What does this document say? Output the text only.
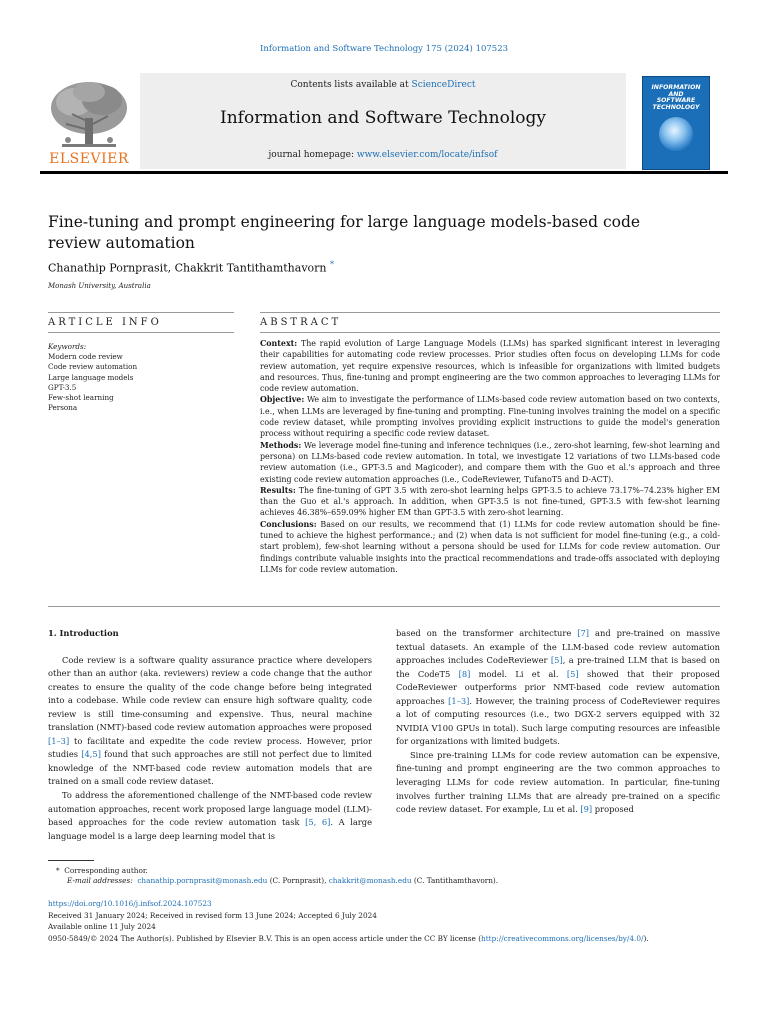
Information and Software Technology 175 (2024) 107523
Contents lists available at ScienceDirect
Information and Software Technology
journal homepage: www.elsevier.com/locate/infsof
ELSEVIER
INFORMATION
AND
SOFTWARE
TECHNOLOGY
Fine-tuning and prompt engineering for large language models-based code review automation
Chanathip Pornprasit, Chakkrit Tantithamthavorn *
Monash University, Australia
ARTICLE INFO	ABSTRACT
Keywords:
Modern code review
Code review automation
Large language models
GPT-3.5
Few-shot learning
Persona

Context: The rapid evolution of Large Language Models (LLMs) has sparked significant interest in leveraging their capabilities for automating code review processes. Prior studies often focus on developing LLMs for code review automation, yet require expensive resources, which is infeasible for organizations with limited budgets and resources. Thus, fine-tuning and prompt engineering are the two common approaches to leveraging LLMs for code review automation.

Objective: We aim to investigate the performance of LLMs-based code review automation based on two contexts, i.e., when LLMs are leveraged by fine-tuning and prompting. Fine-tuning involves training the model on a specific code review dataset, while prompting involves providing explicit instructions to guide the model's generation process without requiring a specific code review dataset.

Methods: We leverage model fine-tuning and inference techniques (i.e., zero-shot learning, few-shot learning and persona) on LLMs-based code review automation. In total, we investigate 12 variations of two LLMs-based code review automation (i.e., GPT-3.5 and Magicoder), and compare them with the Guo et al.'s approach and three existing code review automation approaches (i.e., CodeReviewer, TufanoT5 and D-ACT).

Results: The fine-tuning of GPT 3.5 with zero-shot learning helps GPT-3.5 to achieve 73.17%–74.23% higher EM than the Guo et al.'s approach. In addition, when GPT-3.5 is not fine-tuned, GPT-3.5 with few-shot learning achieves 46.38%–659.09% higher EM than GPT-3.5 with zero-shot learning.

Conclusions: Based on our results, we recommend that (1) LLMs for code review automation should be fine-tuned to achieve the highest performance.; and (2) when data is not sufficient for model fine-tuning (e.g., a cold-start problem), few-shot learning without a persona should be used for LLMs for code review automation. Our findings contribute valuable insights into the practical recommendations and trade-offs associated with deploying LLMs for code review automation.

1. Introduction

Code review is a software quality assurance practice where developers other than an author (aka. reviewers) review a code change that the author creates to ensure the quality of the code change before being integrated into a codebase. While code review can ensure high software quality, code review is still time-consuming and expensive. Thus, neural machine translation (NMT)-based code review automation approaches were proposed [1–3] to facilitate and expedite the code review process. However, prior studies [4,5] found that such approaches are still not perfect due to limited knowledge of the NMT-based code review automation models that are trained on a small code review dataset.

To address the aforementioned challenge of the NMT-based code review automation approaches, recent work proposed large language model (LLM)-based approaches for the code review automation task [5, 6]. A large language model is a large deep learning model that is

based on the transformer architecture [7] and pre-trained on massive textual datasets. An example of the LLM-based code review automation approaches includes CodeReviewer [5], a pre-trained LLM that is based on the CodeT5 [8] model. Li et al. [5] showed that their proposed CodeReviewer outperforms prior NMT-based code review automation approaches [1–3]. However, the training process of CodeReviewer requires a lot of computing resources (i.e., two DGX-2 servers equipped with 32 NVIDIA V100 GPUs in total). Such large computing resources are infeasible for organizations with limited budgets.

Since pre-training LLMs for code review automation can be expensive, fine-tuning and prompt engineering are the two common approaches to leveraging LLMs for code review automation. In particular, fine-tuning involves further training LLMs that are already pre-trained on a specific code review dataset. For example, Lu et al. [9] proposed

* Corresponding author.
E-mail addresses: chanathip.pornprasit@monash.edu (C. Pornprasit), chakkrit@monash.edu (C. Tantithamthavorn).
https://doi.org/10.1016/j.infsof.2024.107523
Received 31 January 2024; Received in revised form 13 June 2024; Accepted 6 July 2024
Available online 11 July 2024
0950-5849/© 2024 The Author(s). Published by Elsevier B.V. This is an open access article under the CC BY license (http://creativecommons.org/licenses/by/4.0/).
